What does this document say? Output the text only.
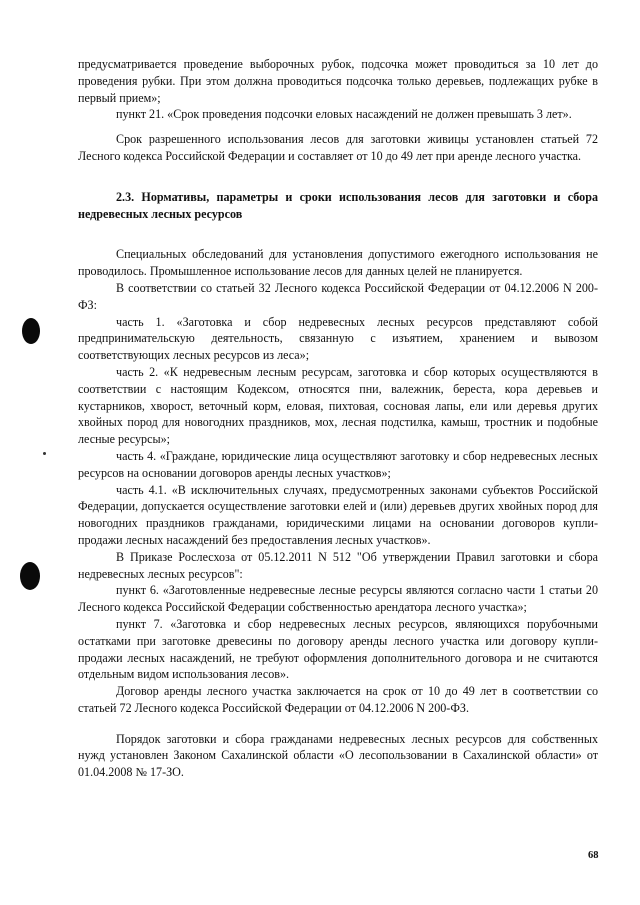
предусматривается проведение выборочных рубок, подсочка может проводиться за 10 лет до проведения рубки. При этом должна проводиться подсочка только деревьев, подлежащих рубке в первый прием»;

пункт 21. «Срок проведения подсочки еловых насаждений не должен превышать 3 лет».

Срок разрешенного использования лесов для заготовки живицы установлен статьей 72 Лесного кодекса Российской Федерации и составляет от 10 до 49 лет при аренде лесного участка.

2.3. Нормативы, параметры и сроки использования лесов для заготовки и сбора недревесных лесных ресурсов

Специальных обследований для установления допустимого ежегодного использования не проводилось. Промышленное использование лесов для данных целей не планируется.

В соответствии со статьей 32 Лесного кодекса Российской Федерации от 04.12.2006 N 200-ФЗ:

часть 1. «Заготовка и сбор недревесных лесных ресурсов представляют собой предпринимательскую деятельность, связанную с изъятием, хранением и вывозом соответствующих лесных ресурсов из леса»;

часть 2. «К недревесным лесным ресурсам, заготовка и сбор которых осуществляются в соответствии с настоящим Кодексом, относятся пни, валежник, береста, кора деревьев и кустарников, хворост, веточный корм, еловая, пихтовая, сосновая лапы, ели или деревья других хвойных пород для новогодних праздников, мох, лесная подстилка, камыш, тростник и подобные лесные ресурсы»;

часть 4. «Граждане, юридические лица осуществляют заготовку и сбор недревесных лесных ресурсов на основании договоров аренды лесных участков»;

часть 4.1. «В исключительных случаях, предусмотренных законами субъектов Российской Федерации, допускается осуществление заготовки елей и (или) деревьев других хвойных пород для новогодних праздников гражданами, юридическими лицами на основании договоров купли-продажи лесных насаждений без предоставления лесных участков».

В Приказе Рослесхоза от 05.12.2011 N 512 "Об утверждении Правил заготовки и сбора недревесных лесных ресурсов":

пункт 6. «Заготовленные недревесные лесные ресурсы являются согласно части 1 статьи 20 Лесного кодекса Российской Федерации собственностью арендатора лесного участка»;

пункт 7. «Заготовка и сбор недревесных лесных ресурсов, являющихся порубочными остатками при заготовке древесины по договору аренды лесного участка или договору купли-продажи лесных насаждений, не требуют оформления дополнительного договора и не считаются отдельным видом использования лесов».

Договор аренды лесного участка заключается на срок от 10 до 49 лет в соответствии со статьей 72 Лесного кодекса Российской Федерации от 04.12.2006 N 200-ФЗ.

Порядок заготовки и сбора гражданами недревесных лесных ресурсов для собственных нужд установлен Законом Сахалинской области «О лесопользовании в Сахалинской области» от 01.04.2008 № 17-ЗО.

68
